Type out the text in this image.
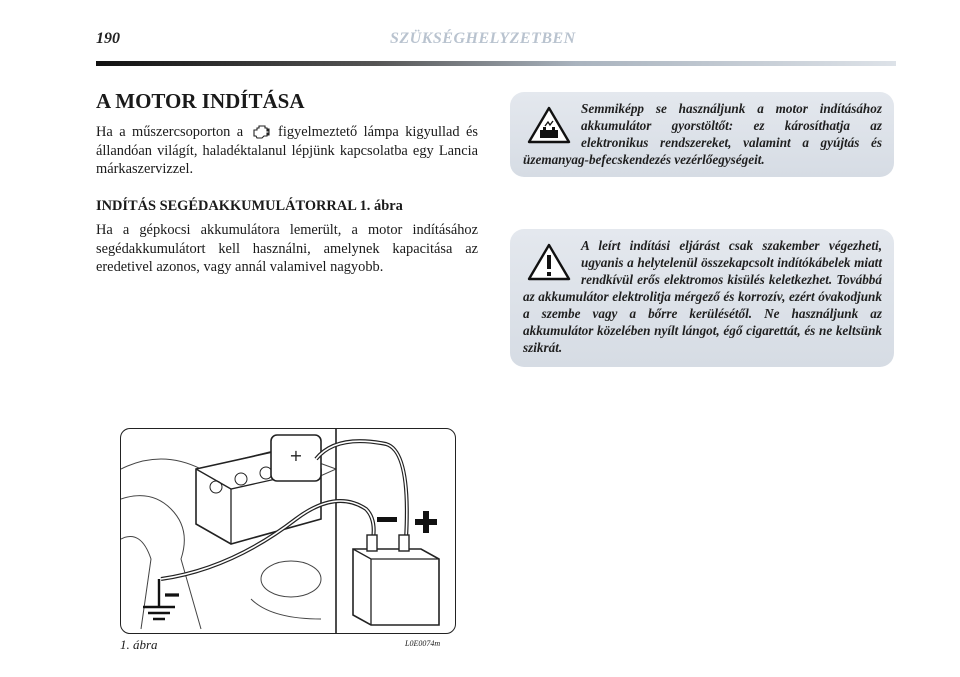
190	SZÜKSÉGHELYZETBEN
A MOTOR INDÍTÁSA
Ha a műszercsoporton a figyelmeztető lámpa kigyullad és állandóan világít, haladéktalanul lépjünk kapcsolatba egy Lancia márkaszervizzel.
INDÍTÁS SEGÉDAKKUMULÁTORRAL 1. ábra
Ha a gépkocsi akkumulátora lemerült, a motor indításához segédakkumulátort kell használni, amelynek kapacitása az eredetivel azonos, vagy annál valamivel nagyobb.
Semmiképp se használjunk a motor indításához akkumulátor gyorstöltőt: ez károsíthatja az elektronikus rendszereket, valamint a gyújtás és üzemanyag-befecskendezés vezérlőegységeit.
A leírt indítási eljárást csak szakember végezheti, ugyanis a helytelenül összekapcsolt indítókábelek miatt rendkívül erős elektromos kisülés keletkezhet. Továbbá az akkumulátor elektrolitja mérgező és korrozív, ezért óvakodjunk a szembe vagy a bőrre kerülésétől. Ne használjunk az akkumulátor közelében nyílt lángot, égő cigarettát, és ne keltsünk szikrát.
+
1. ábra	L0E0074m
